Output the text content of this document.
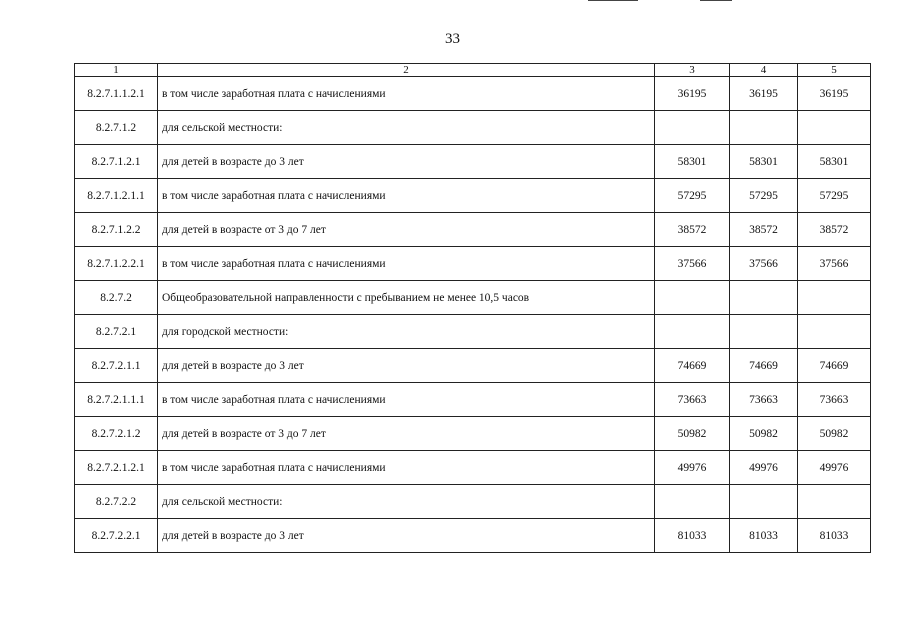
33
1	2	3	4	5
8.2.7.1.1.2.1	в том числе заработная плата с начислениями	36195	36195	36195
8.2.7.1.2	для сельской местности:			
8.2.7.1.2.1	для детей в возрасте до 3 лет	58301	58301	58301
8.2.7.1.2.1.1	в том числе заработная плата с начислениями	57295	57295	57295
8.2.7.1.2.2	для детей в возрасте от 3 до 7 лет	38572	38572	38572
8.2.7.1.2.2.1	в том числе заработная плата с начислениями	37566	37566	37566
8.2.7.2	Общеобразовательной направленности с пребыванием не менее 10,5 часов			
8.2.7.2.1	для городской местности:			
8.2.7.2.1.1	для детей в возрасте до 3 лет	74669	74669	74669
8.2.7.2.1.1.1	в том числе заработная плата с начислениями	73663	73663	73663
8.2.7.2.1.2	для детей в возрасте от 3 до 7 лет	50982	50982	50982
8.2.7.2.1.2.1	в том числе заработная плата с начислениями	49976	49976	49976
8.2.7.2.2	для сельской местности:			
8.2.7.2.2.1	для детей в возрасте до 3 лет	81033	81033	81033
